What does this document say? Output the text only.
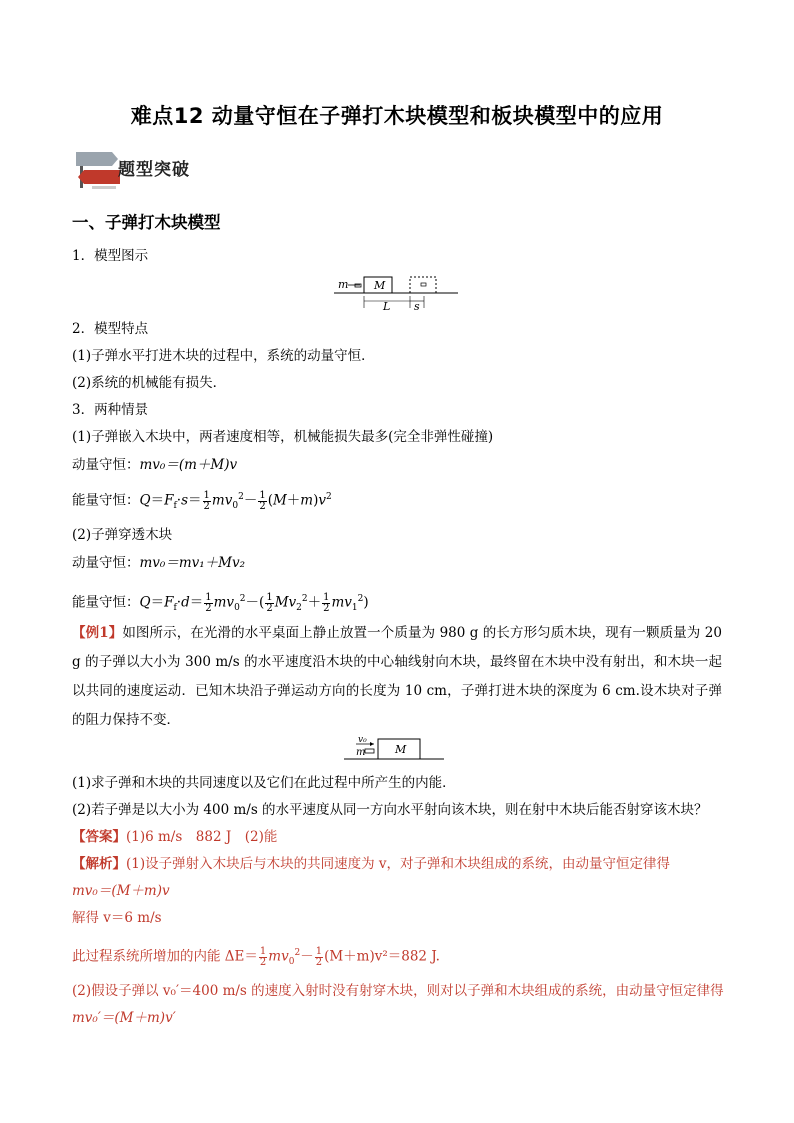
难点12 动量守恒在子弹打木块模型和板块模型中的应用
题型突破
一、子弹打木块模型
1．模型图示
m M
L s
2．模型特点
(1)子弹水平打进木块的过程中，系统的动量守恒．
(2)系统的机械能有损失．
3．两种情景
(1)子弹嵌入木块中，两者速度相等，机械能损失最多(完全非弹性碰撞)
动量守恒：mv₀＝(m＋M)v
能量守恒：$Q=F_f\cdot s= \frac{1}{2} mv_0^2- \frac{1}{2} (M+m)v^2$
(2)子弹穿透木块
动量守恒：mv₀＝mv₁＋Mv₂
能量守恒：$Q=F_f\cdot d= \frac{1}{2} mv_0^2-( \frac{1}{2} Mv_2^2+ \frac{1}{2} mv_1^2)$
【例1】如图所示，在光滑的水平桌面上静止放置一个质量为 980 g 的长方形匀质木块，现有一颗质量为 20 g 的子弹以大小为 300 m/s 的水平速度沿木块的中心轴线射向木块，最终留在木块中没有射出，和木块一起以共同的速度运动．已知木块沿子弹运动方向的长度为 10 cm，子弹打进木块的深度为 6 cm.设木块对子弹的阻力保持不变．
v₀
m	M
(1)求子弹和木块的共同速度以及它们在此过程中所产生的内能．
(2)若子弹是以大小为 400 m/s 的水平速度从同一方向水平射向该木块，则在射中木块后能否射穿该木块？
【答案】(1)6 m/s　882 J　(2)能
【解析】(1)设子弹射入木块后与木块的共同速度为 v，对子弹和木块组成的系统，由动量守恒定律得
mv₀＝(M＋m)v
解得 v＝6 m/s
此过程系统所增加的内能 $\Delta E= \frac{1}{2} mv_0^2- \frac{1}{2} (M+m)v^2=882$ J.
(2)假设子弹以 v₀′＝400 m/s 的速度入射时没有射穿木块，则对以子弹和木块组成的系统，由动量守恒定律得
mv₀′＝(M＋m)v′
